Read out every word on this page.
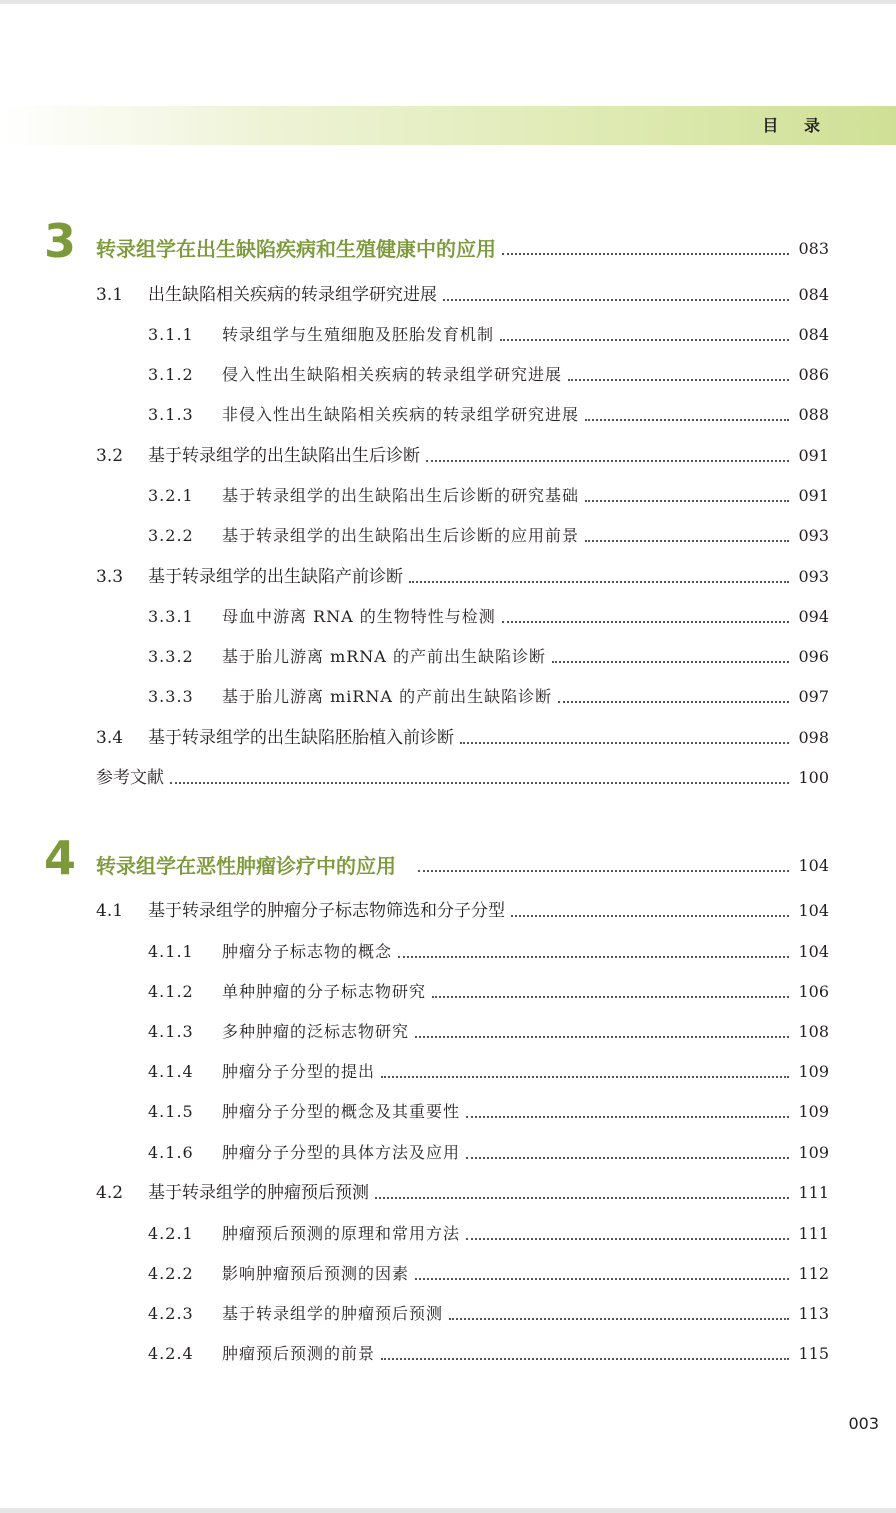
目 录
3 转录组学在出生缺陷疾病和生殖健康中的应用	083
3.1	出生缺陷相关疾病的转录组学研究进展	084
3.1.1	转录组学与生殖细胞及胚胎发育机制	084
3.1.2	侵入性出生缺陷相关疾病的转录组学研究进展	086
3.1.3	非侵入性出生缺陷相关疾病的转录组学研究进展	088
3.2	基于转录组学的出生缺陷出生后诊断	091
3.2.1	基于转录组学的出生缺陷出生后诊断的研究基础	091
3.2.2	基于转录组学的出生缺陷出生后诊断的应用前景	093
3.3	基于转录组学的出生缺陷产前诊断	093
3.3.1	母血中游离 RNA 的生物特性与检测	094
3.3.2	基于胎儿游离 mRNA 的产前出生缺陷诊断	096
3.3.3	基于胎儿游离 miRNA 的产前出生缺陷诊断	097
3.4	基于转录组学的出生缺陷胚胎植入前诊断	098
参考文献	100
4 转录组学在恶性肿瘤诊疗中的应用	104
4.1	基于转录组学的肿瘤分子标志物筛选和分子分型	104
4.1.1	肿瘤分子标志物的概念	104
4.1.2	单种肿瘤的分子标志物研究	106
4.1.3	多种肿瘤的泛标志物研究	108
4.1.4	肿瘤分子分型的提出	109
4.1.5	肿瘤分子分型的概念及其重要性	109
4.1.6	肿瘤分子分型的具体方法及应用	109
4.2	基于转录组学的肿瘤预后预测	111
4.2.1	肿瘤预后预测的原理和常用方法	111
4.2.2	影响肿瘤预后预测的因素	112
4.2.3	基于转录组学的肿瘤预后预测	113
4.2.4	肿瘤预后预测的前景	115
003
